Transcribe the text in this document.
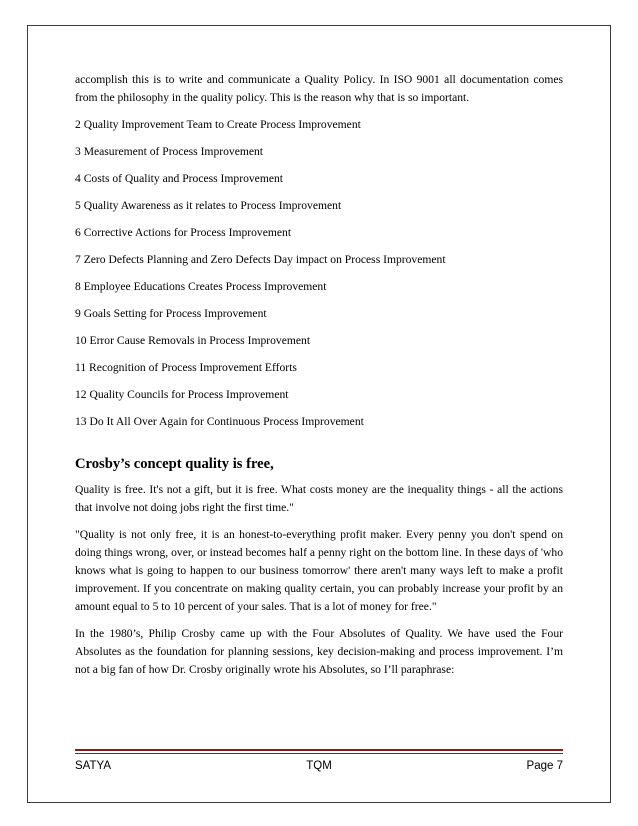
accomplish this is to write and communicate a Quality Policy. In ISO 9001 all documentation comes from the philosophy in the quality policy. This is the reason why that is so important.

2 Quality Improvement Team to Create Process Improvement

3 Measurement of Process Improvement

4 Costs of Quality and Process Improvement

5 Quality Awareness as it relates to Process Improvement

6 Corrective Actions for Process Improvement

7 Zero Defects Planning and Zero Defects Day impact on Process Improvement

8 Employee Educations Creates Process Improvement

9 Goals Setting for Process Improvement

10 Error Cause Removals in Process Improvement

11 Recognition of Process Improvement Efforts

12 Quality Councils for Process Improvement

13 Do It All Over Again for Continuous Process Improvement

Crosby’s concept quality is free,

Quality is free. It's not a gift, but it is free. What costs money are the inequality things - all the actions that involve not doing jobs right the first time."

"Quality is not only free, it is an honest-to-everything profit maker. Every penny you don't spend on doing things wrong, over, or instead becomes half a penny right on the bottom line. In these days of 'who knows what is going to happen to our business tomorrow' there aren't many ways left to make a profit improvement. If you concentrate on making quality certain, you can probably increase your profit by an amount equal to 5 to 10 percent of your sales. That is a lot of money for free."

In the 1980’s, Philip Crosby came up with the Four Absolutes of Quality. We have used the Four Absolutes as the foundation for planning sessions, key decision-making and process improvement. I’m not a big fan of how Dr. Crosby originally wrote his Absolutes, so I’ll paraphrase:

SATYA	TQM	Page 7
